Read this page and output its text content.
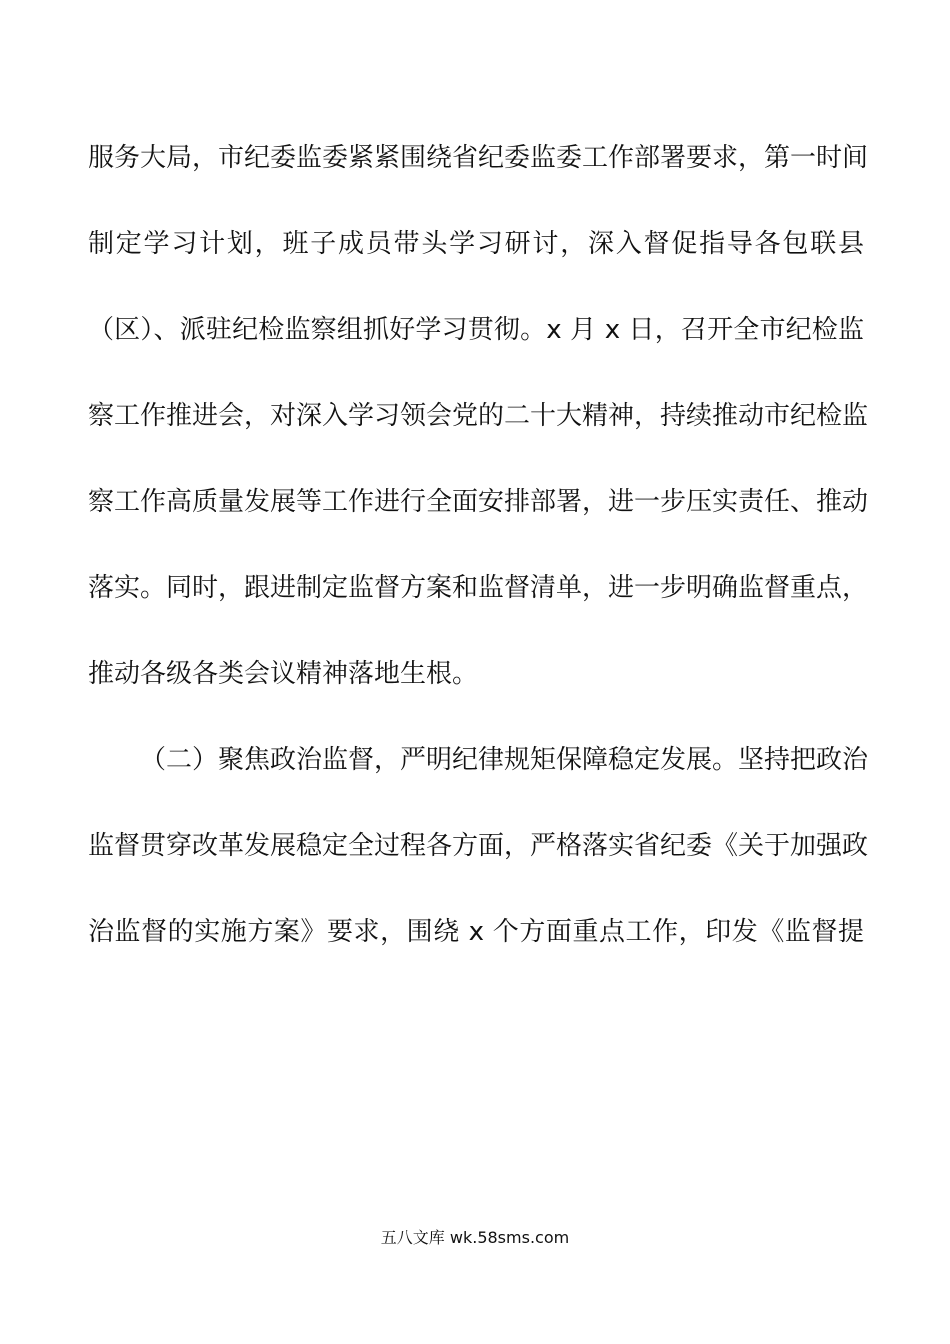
服务大局，市纪委监委紧紧围绕省纪委监委工作部署要求，第一时间
制定学习计划，班子成员带头学习研讨，深入督促指导各包联县
（区）、派驻纪检监察组抓好学习贯彻。x 月 x 日，召开全市纪检监
察工作推进会，对深入学习领会党的二十大精神，持续推动市纪检监
察工作高质量发展等工作进行全面安排部署，进一步压实责任、推动
落实。同时，跟进制定监督方案和监督清单，进一步明确监督重点，
推动各级各类会议精神落地生根。
（二）聚焦政治监督，严明纪律规矩保障稳定发展。坚持把政治
监督贯穿改革发展稳定全过程各方面，严格落实省纪委《关于加强政
治监督的实施方案》要求，围绕 x 个方面重点工作，印发《监督提
五八文库 wk.58sms.com
